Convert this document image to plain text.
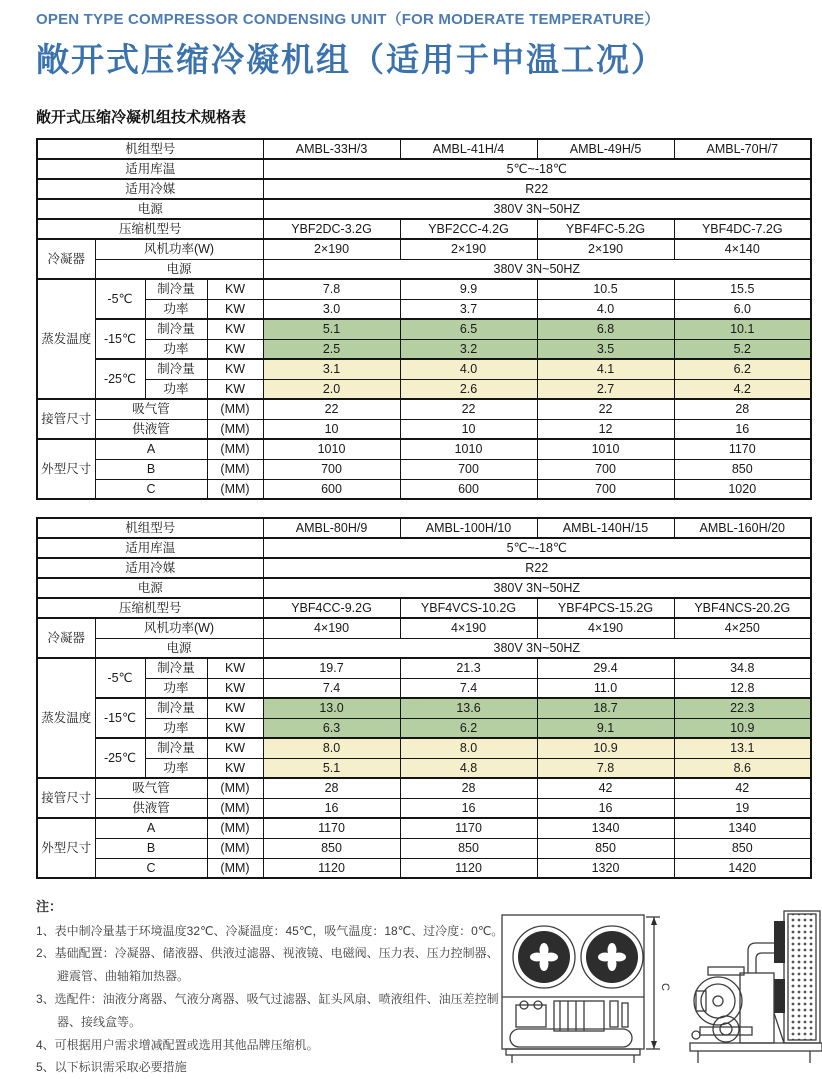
OPEN TYPE COMPRESSOR CONDENSING UNIT（FOR MODERATE TEMPERATURE）
敞开式压缩冷凝机组（适用于中温工况）
敞开式压缩冷凝机组技术规格表
机组型号				AMBL-33H/3	AMBL-41H/4	AMBL-49H/5	AMBL-70H/7
适用库温				5℃~-18℃			
适用冷媒				R22			
电源				380V 3N~50HZ			
压缩机型号				YBF2DC-3.2G	YBF2CC-4.2G	YBF4FC-5.2G	YBF4DC-7.2G
冷凝器	风机功率(W)			2×190	2×190	2×190	4×140
	电源			380V 3N~50HZ			
蒸发温度	-5℃	制冷量	KW	7.8	9.9	10.5	15.5
		功率	KW	3.0	3.7	4.0	6.0
	-15℃	制冷量	KW	5.1	6.5	6.8	10.1
		功率	KW	2.5	3.2	3.5	5.2
	-25℃	制冷量	KW	3.1	4.0	4.1	6.2
		功率	KW	2.0	2.6	2.7	4.2
接管尺寸	吸气管		(MM)	22	22	22	28
	供液管		(MM)	10	10	12	16
外型尺寸	A		(MM)	1010	1010	1010	1170
	B		(MM)	700	700	700	850
	C		(MM)	600	600	700	1020
机组型号				AMBL-80H/9	AMBL-100H/10	AMBL-140H/15	AMBL-160H/20
适用库温				5℃~-18℃			
适用冷媒				R22			
电源				380V 3N~50HZ			
压缩机型号				YBF4CC-9.2G	YBF4VCS-10.2G	YBF4PCS-15.2G	YBF4NCS-20.2G
冷凝器	风机功率(W)			4×190	4×190	4×190	4×250
	电源			380V 3N~50HZ			
蒸发温度	-5℃	制冷量	KW	19.7	21.3	29.4	34.8
		功率	KW	7.4	7.4	11.0	12.8
	-15℃	制冷量	KW	13.0	13.6	18.7	22.3
		功率	KW	6.3	6.2	9.1	10.9
	-25℃	制冷量	KW	8.0	8.0	10.9	13.1
		功率	KW	5.1	4.8	7.8	8.6
接管尺寸	吸气管		(MM)	28	28	42	42
	供液管		(MM)	16	16	16	19
外型尺寸	A		(MM)	1170	1170	1340	1340
	B		(MM)	850	850	850	850
	C		(MM)	1120	1120	1320	1420
注：

1、表中制冷量基于环境温度32℃、冷凝温度：45℃，吸气温度：18℃、过冷度：0℃。

2、基础配置：冷凝器、储液器、供液过滤器、视液镜、电磁阀、压力表、压力控制器、避震管、曲轴箱加热器。

3、选配件：油液分离器、气液分离器、吸气过滤器、缸头风扇、喷液组件、油压差控制器、接线盒等。

4、可根据用户需求增减配置或选用其他品牌压缩机。

5、以下标识需采取必要措施

C
